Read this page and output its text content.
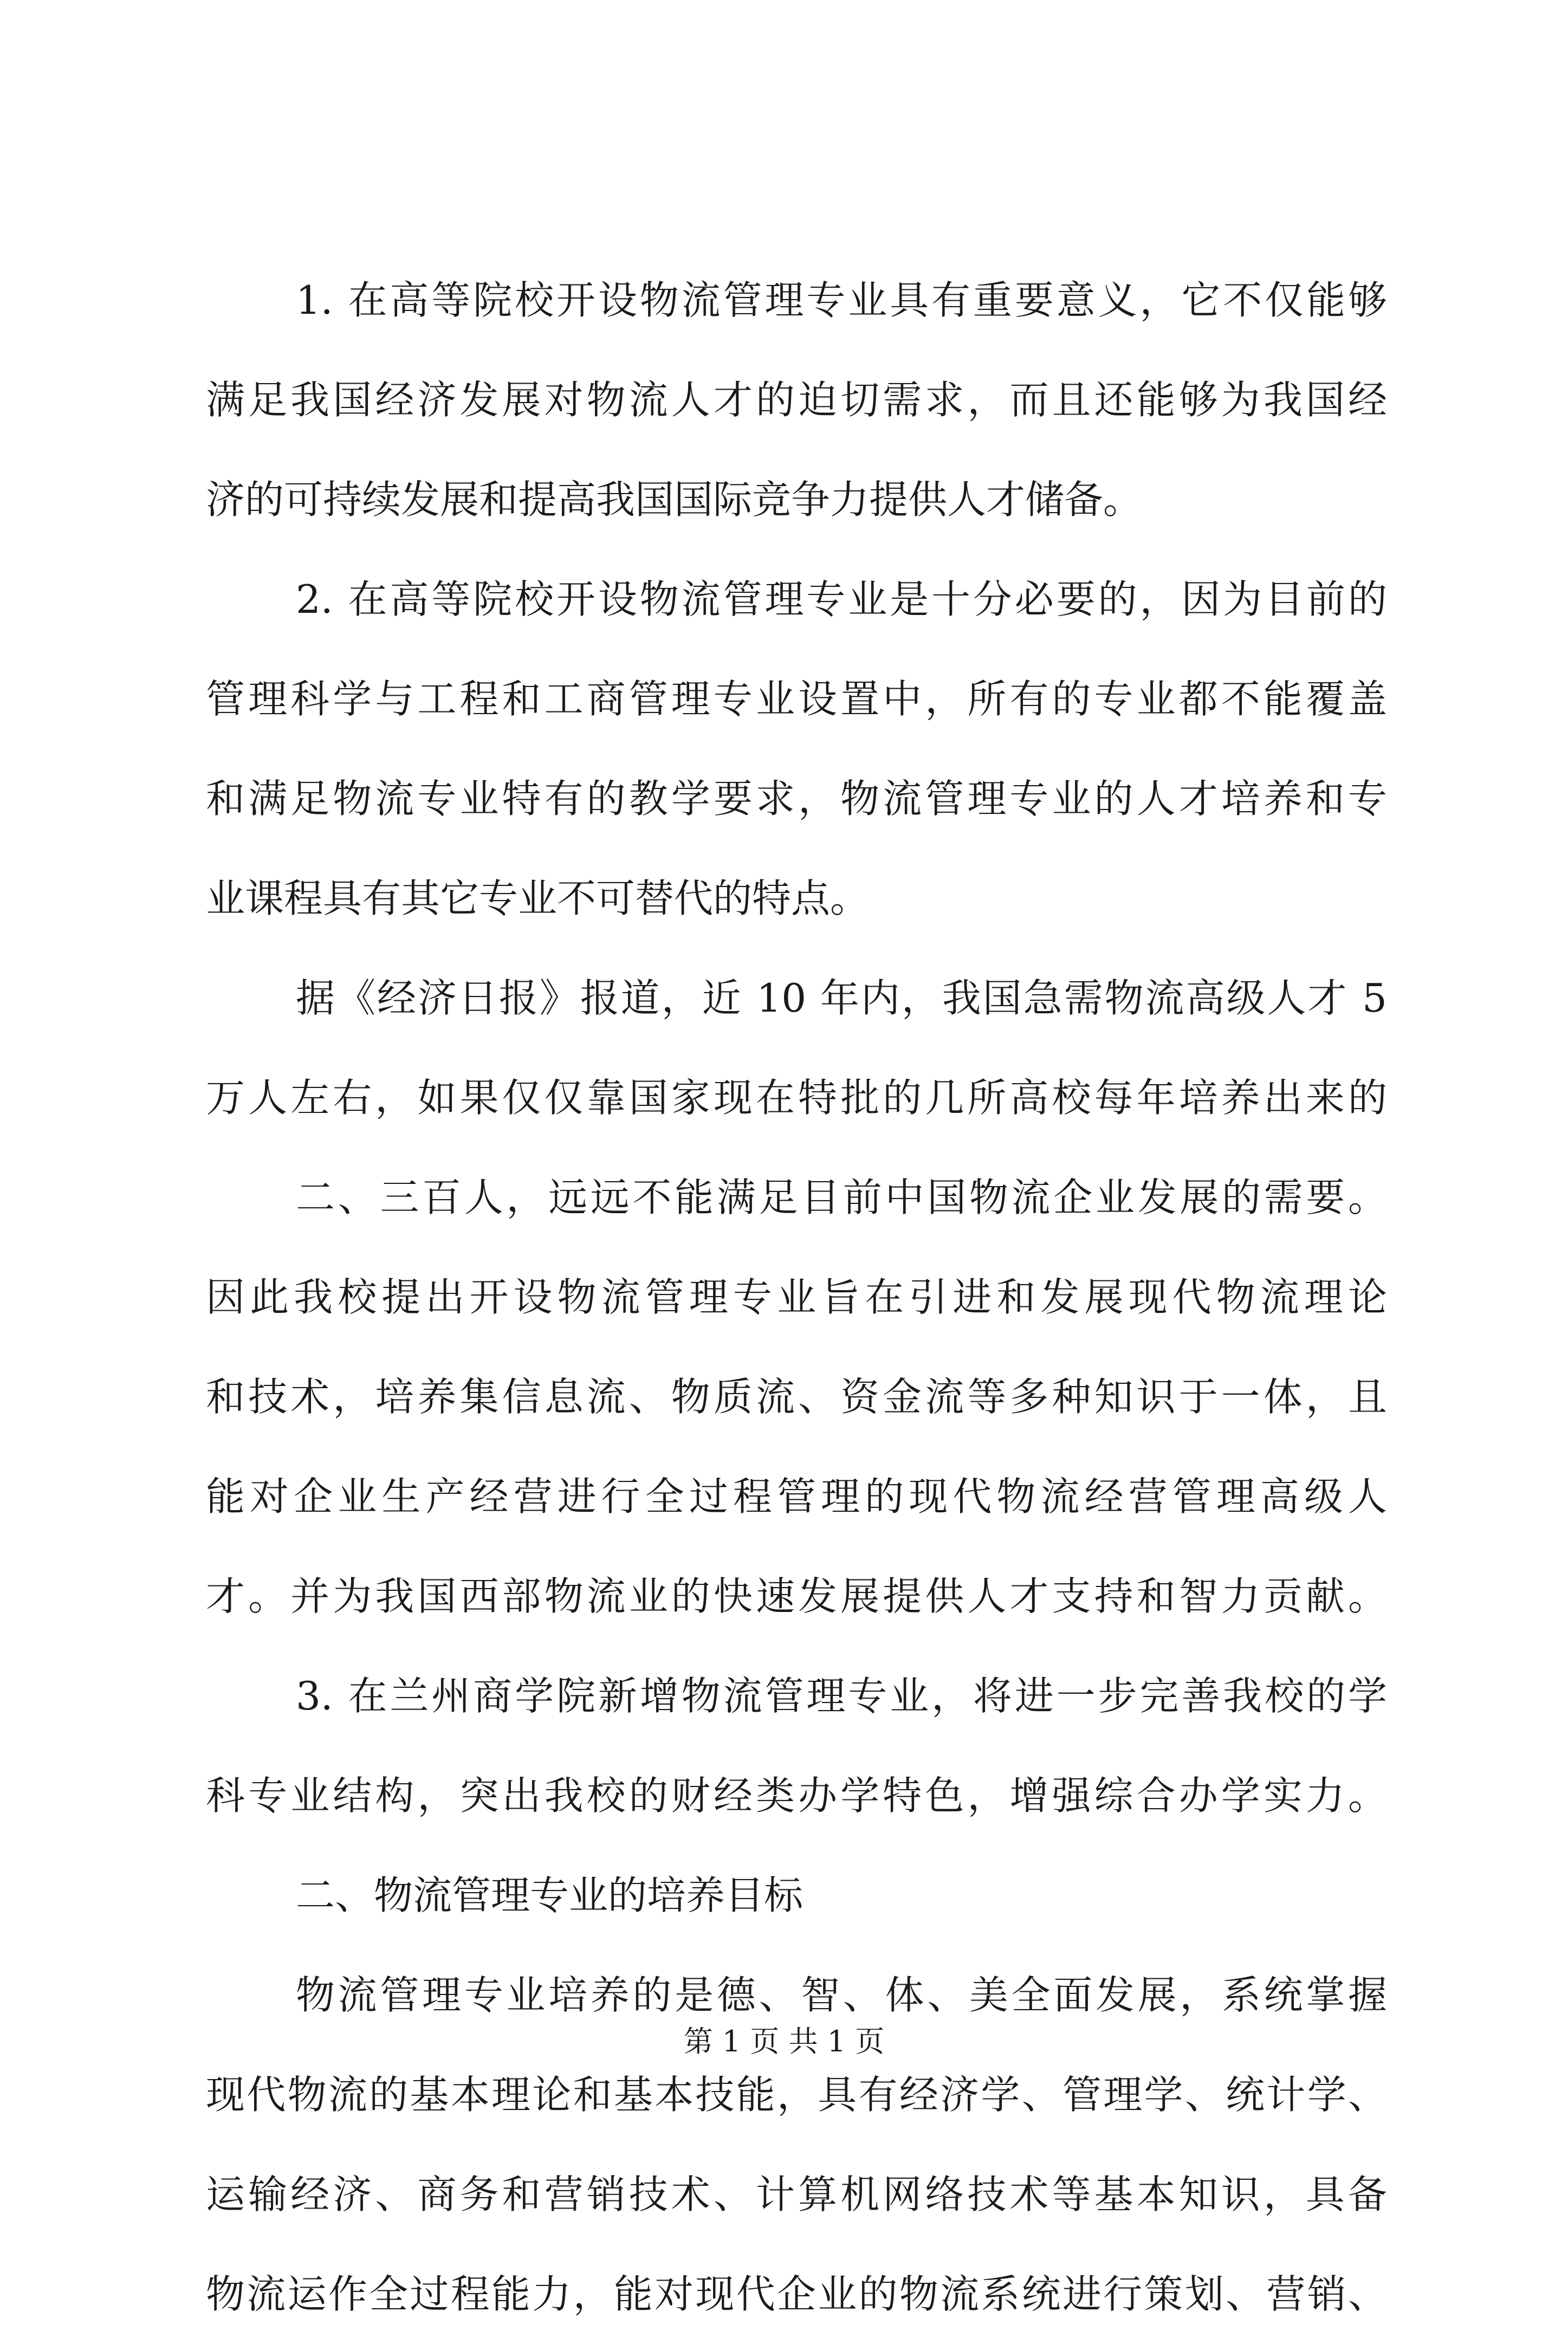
1. 在高等院校开设物流管理专业具有重要意义，它不仅能够
满足我国经济发展对物流人才的迫切需求，而且还能够为我国经
济的可持续发展和提高我国国际竞争力提供人才储备。
2. 在高等院校开设物流管理专业是十分必要的，因为目前的
管理科学与工程和工商管理专业设置中，所有的专业都不能覆盖
和满足物流专业特有的教学要求，物流管理专业的人才培养和专
业课程具有其它专业不可替代的特点。
据《经济日报》报道，近 10 年内，我国急需物流高级人才 5
万人左右，如果仅仅靠国家现在特批的几所高校每年培养出来的
二、三百人，远远不能满足目前中国物流企业发展的需要。
因此我校提出开设物流管理专业旨在引进和发展现代物流理论
和技术，培养集信息流、物质流、资金流等多种知识于一体，且
能对企业生产经营进行全过程管理的现代物流经营管理高级人
才。并为我国西部物流业的快速发展提供人才支持和智力贡献。
3. 在兰州商学院新增物流管理专业，将进一步完善我校的学
科专业结构，突出我校的财经类办学特色，增强综合办学实力。
二、物流管理专业的培养目标
物流管理专业培养的是德、智、体、美全面发展，系统掌握
现代物流的基本理论和基本技能，具有经济学、管理学、统计学、
运输经济、商务和营销技术、计算机网络技术等基本知识，具备
物流运作全过程能力，能对现代企业的物流系统进行策划、营销、
第 1 页 共 1 页
